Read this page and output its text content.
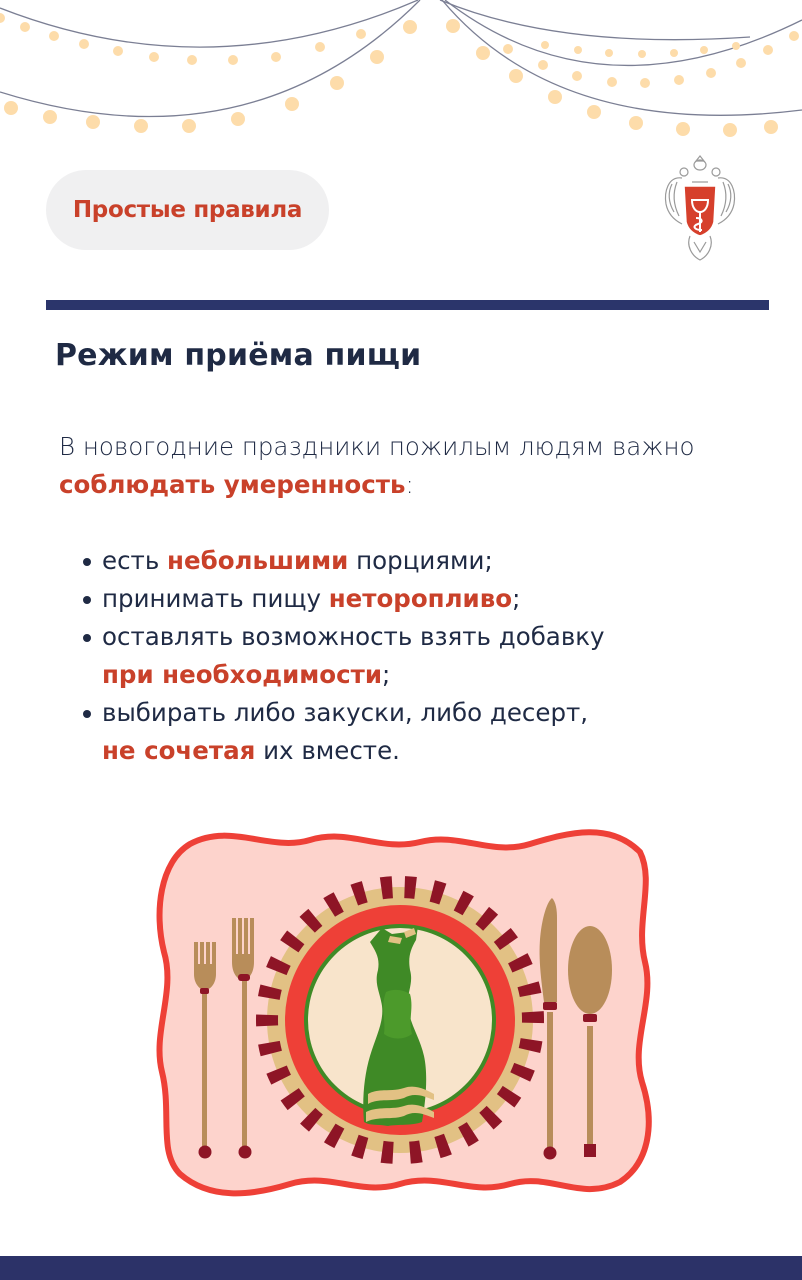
Простые правила
Режим приёма пищи

В новогодние праздники пожилым людям важно
соблюдать умеренность:

есть небольшими порциями;
принимать пищу неторопливо;
оставлять возможность взять добавку
при необходимости;
выбирать либо закуски, либо десерт,
не сочетая их вместе.
